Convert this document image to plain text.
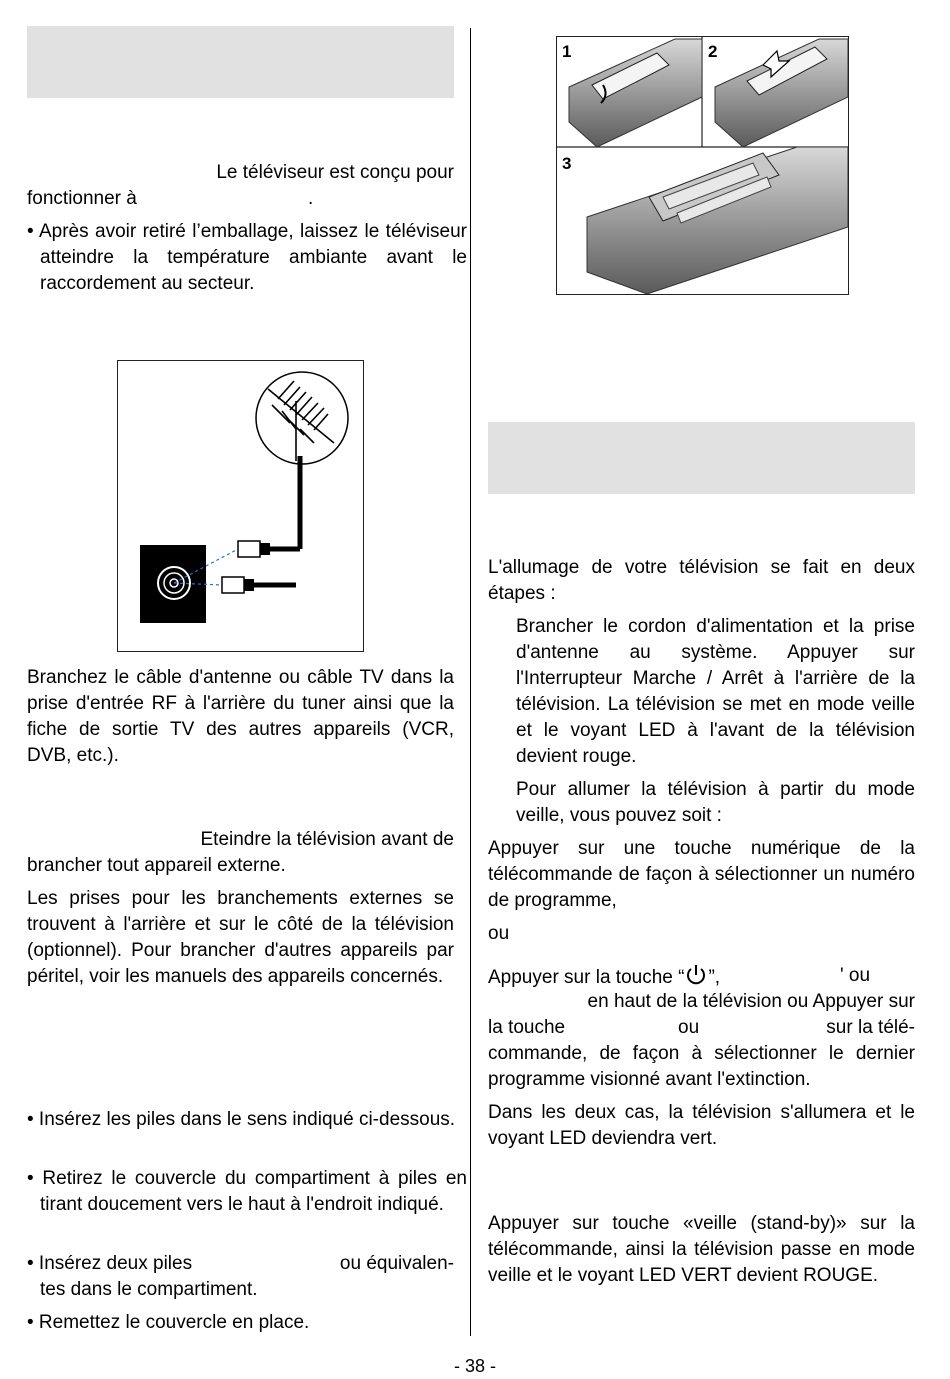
Le téléviseur est conçu pour

fonctionner à	.

• Après avoir retiré l’emballage, laissez le téléviseur atteindre la température ambiante avant le raccordement au secteur.

Branchez le câble d'antenne ou câble TV dans la prise d'entrée RF à l'arrière du tuner ainsi que la fiche de sortie TV des autres appareils (VCR, DVB, etc.).

Eteindre la télévision avant de

brancher tout appareil externe.

Les prises pour les branchements externes se trouvent à l'arrière et sur le côté de la télévision (optionnel). Pour brancher d'autres appareils par péritel, voir les manuels des appareils concernés.

• Insérez les piles dans le sens indiqué ci-dessous.

• Retirez le couvercle du compartiment à piles en tirant doucement vers le haut à l'endroit indiqué.

• Insérez deux piles	ou équivalen-

tes dans le compartiment.

• Remettez le couvercle en place.

1	2
3

L'allumage de votre télévision se fait en deux étapes :

Brancher le cordon d'alimentation et la prise d'antenne au système. Appuyer sur l'Interrupteur Marche / Arrêt à l'arrière de la télévision. La télévision se met en mode veille et le voyant LED à l'avant de la télévision devient rouge.

Pour allumer la télévision à partir du mode veille, vous pouvez soit :

Appuyer sur une touche numérique de la télécommande de façon à sélectionner un numéro de programme,

ou

Appuyer sur la touche “ ”,	' ou

en haut de la télévision ou Appuyer sur

la touche	ou	sur la télé-

commande, de façon à sélectionner le dernier programme visionné avant l'extinction.

Dans les deux cas, la télévision s'allumera et le voyant LED deviendra vert.

Appuyer sur touche «veille (stand-by)» sur la télécommande, ainsi la télévision passe en mode veille et le voyant LED VERT devient ROUGE.

- 38 -
